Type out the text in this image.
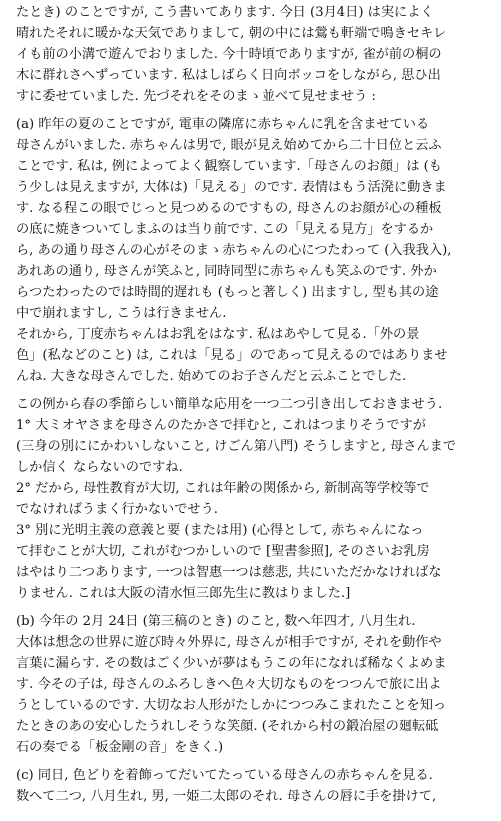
たとき) のことですが, こう書いてあります. 今日 (3月4日) は実によく
晴れたそれに暖かな天気でありまして, 朝の中には鶯も軒端で鳴きセキレ
イも前の小溝で遊んでおりました. 今十時頃でありますが, 雀が前の桐の
木に群れさへずっています. 私はしばらく日向ボッコをしながら, 思ひ出
すに委せていました. 先づそれをそのまゝ並べて見せませう :
(a) 昨年の夏のことですが, 電車の隣席に赤ちゃんに乳を含ませている
母さんがいました. 赤ちゃんは男で, 眼が見え始めてから二十日位と云ふ
ことです. 私は, 例によってよく観察しています.「母さんのお顔」は (も
う少しは見えますが, 大体は)「見える」のです. 表情はもう活溌に動きま
す. なる程この眼でじっと見つめるのですもの, 母さんのお顔が心の種板
の底に焼きついてしまふのは当り前です. この「見える見方」をするか
ら, あの通り母さんの心がそのまゝ赤ちゃんの心につたわって (入我我入),
あれあの通り, 母さんが笑ふと, 同時同型に赤ちゃんも笑ふのです. 外か
らつたわったのでは時間的遅れも (もっと著しく) 出ますし, 型も其の途
中で崩れますし, こうは行きません.
それから, 丁度赤ちゃんはお乳をはなす. 私はあやして見る.「外の景
色」(私などのこと) は, これは「見る」のであって見えるのではありませ
んね. 大きな母さんでした. 始めてのお子さんだと云ふことでした.
この例から春の季節らしい簡単な応用を一つ二つ引き出しておきませう.
1° 大ミオヤさまを母さんのたかさで拝むと, これはつまりそうですが
(三身の別ににかわいしないこと, けごん第八門) そうしますと, 母さんまで
しか信く ならないのですね.
2° だから, 母性教育が大切, これは年齢の関係から, 新制高等学校等で
でなければうまく行かないでせう.
3° 別に光明主義の意義と要 (または用) (心得として, 赤ちゃんになっ
て拝むことが大切, これがむつかしいので [聖書参照], そのさいお乳房
はやはり二つあります, 一つは智惠一つは慈悲, 共にいただかなければな
りません. これは大阪の清水恒三郎先生に教はりました.]
(b) 今年の 2月 24日 (第三稿のとき) のこと, 数へ年四才, 八月生れ.
大体は想念の世界に遊び時々外界に, 母さんが相手ですが, それを動作や
言葉に漏らす. その数はごく少いが夢はもうこの年になれば稀なくよめま
す. 今その子は, 母さんのふろしきへ色々大切なものをつつんで旅に出よ
うとしているのです. 大切なお人形がたしかにつつみこまれたことを知っ
たときのあの安心したうれしそうな笑顔. (それから村の鍛冶屋の廻転砥
石の奏でる「板金剛の音」をきく.)
(c) 同日, 色どりを着飾ってだいてたっている母さんの赤ちゃんを見る.
数へて二つ, 八月生れ, 男, 一姫二太郎のそれ. 母さんの唇に手を掛けて,
